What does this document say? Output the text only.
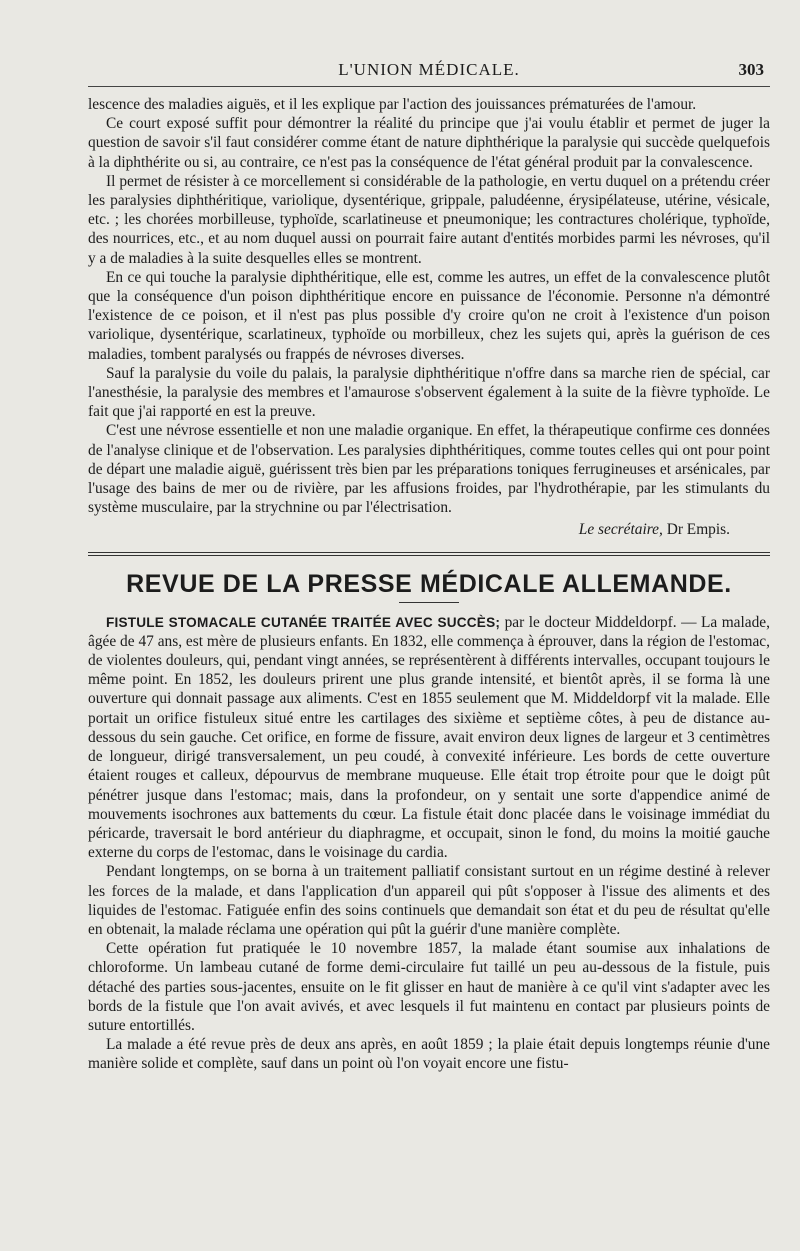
L'UNION MÉDICALE.	303

lescence des maladies aiguës, et il les explique par l'action des jouissances prématurées de l'amour.

Ce court exposé suffit pour démontrer la réalité du principe que j'ai voulu établir et permet de juger la question de savoir s'il faut considérer comme étant de nature diphthérique la paralysie qui succède quelquefois à la diphthérite ou si, au contraire, ce n'est pas la conséquence de l'état général produit par la convalescence.

Il permet de résister à ce morcellement si considérable de la pathologie, en vertu duquel on a prétendu créer les paralysies diphthéritique, variolique, dysentérique, grippale, paludéenne, érysipélateuse, utérine, vésicale, etc. ; les chorées morbilleuse, typhoïde, scarlatineuse et pneumonique; les contractures cholérique, typhoïde, des nourrices, etc., et au nom duquel aussi on pourrait faire autant d'entités morbides parmi les névroses, qu'il y a de maladies à la suite desquelles elles se montrent.

En ce qui touche la paralysie diphthéritique, elle est, comme les autres, un effet de la convalescence plutôt que la conséquence d'un poison diphthéritique encore en puissance de l'économie. Personne n'a démontré l'existence de ce poison, et il n'est pas plus possible d'y croire qu'on ne croit à l'existence d'un poison variolique, dysentérique, scarlatineux, typhoïde ou morbilleux, chez les sujets qui, après la guérison de ces maladies, tombent paralysés ou frappés de névroses diverses.

Sauf la paralysie du voile du palais, la paralysie diphthéritique n'offre dans sa marche rien de spécial, car l'anesthésie, la paralysie des membres et l'amaurose s'observent également à la suite de la fièvre typhoïde. Le fait que j'ai rapporté en est la preuve.

C'est une névrose essentielle et non une maladie organique. En effet, la thérapeutique confirme ces données de l'analyse clinique et de l'observation. Les paralysies diphthéritiques, comme toutes celles qui ont pour point de départ une maladie aiguë, guérissent très bien par les préparations toniques ferrugineuses et arsénicales, par l'usage des bains de mer ou de rivière, par les affusions froides, par l'hydrothérapie, par les stimulants du système musculaire, par la strychnine ou par l'électrisation.

Le secrétaire, Dr Empis.

REVUE DE LA PRESSE MÉDICALE ALLEMANDE.

FISTULE STOMACALE CUTANÉE TRAITÉE AVEC SUCCÈS; par le docteur Middeldorpf. — La malade, âgée de 47 ans, est mère de plusieurs enfants. En 1832, elle commença à éprouver, dans la région de l'estomac, de violentes douleurs, qui, pendant vingt années, se représentèrent à différents intervalles, occupant toujours le même point. En 1852, les douleurs prirent une plus grande intensité, et bientôt après, il se forma là une ouverture qui donnait passage aux aliments. C'est en 1855 seulement que M. Middeldorpf vit la malade. Elle portait un orifice fistuleux situé entre les cartilages des sixième et septième côtes, à peu de distance au-dessous du sein gauche. Cet orifice, en forme de fissure, avait environ deux lignes de largeur et 3 centimètres de longueur, dirigé transversalement, un peu coudé, à convexité inférieure. Les bords de cette ouverture étaient rouges et calleux, dépourvus de membrane muqueuse. Elle était trop étroite pour que le doigt pût pénétrer jusque dans l'estomac; mais, dans la profondeur, on y sentait une sorte d'appendice animé de mouvements isochrones aux battements du cœur. La fistule était donc placée dans le voisinage immédiat du péricarde, traversait le bord antérieur du diaphragme, et occupait, sinon le fond, du moins la moitié gauche externe du corps de l'estomac, dans le voisinage du cardia.

Pendant longtemps, on se borna à un traitement palliatif consistant surtout en un régime destiné à relever les forces de la malade, et dans l'application d'un appareil qui pût s'opposer à l'issue des aliments et des liquides de l'estomac. Fatiguée enfin des soins continuels que demandait son état et du peu de résultat qu'elle en obtenait, la malade réclama une opération qui pût la guérir d'une manière complète.

Cette opération fut pratiquée le 10 novembre 1857, la malade étant soumise aux inhalations de chloroforme. Un lambeau cutané de forme demi-circulaire fut taillé un peu au-dessous de la fistule, puis détaché des parties sous-jacentes, ensuite on le fit glisser en haut de manière à ce qu'il vint s'adapter avec les bords de la fistule que l'on avait avivés, et avec lesquels il fut maintenu en contact par plusieurs points de suture entortillés.

La malade a été revue près de deux ans après, en août 1859 ; la plaie était depuis longtemps réunie d'une manière solide et complète, sauf dans un point où l'on voyait encore une fistu-
